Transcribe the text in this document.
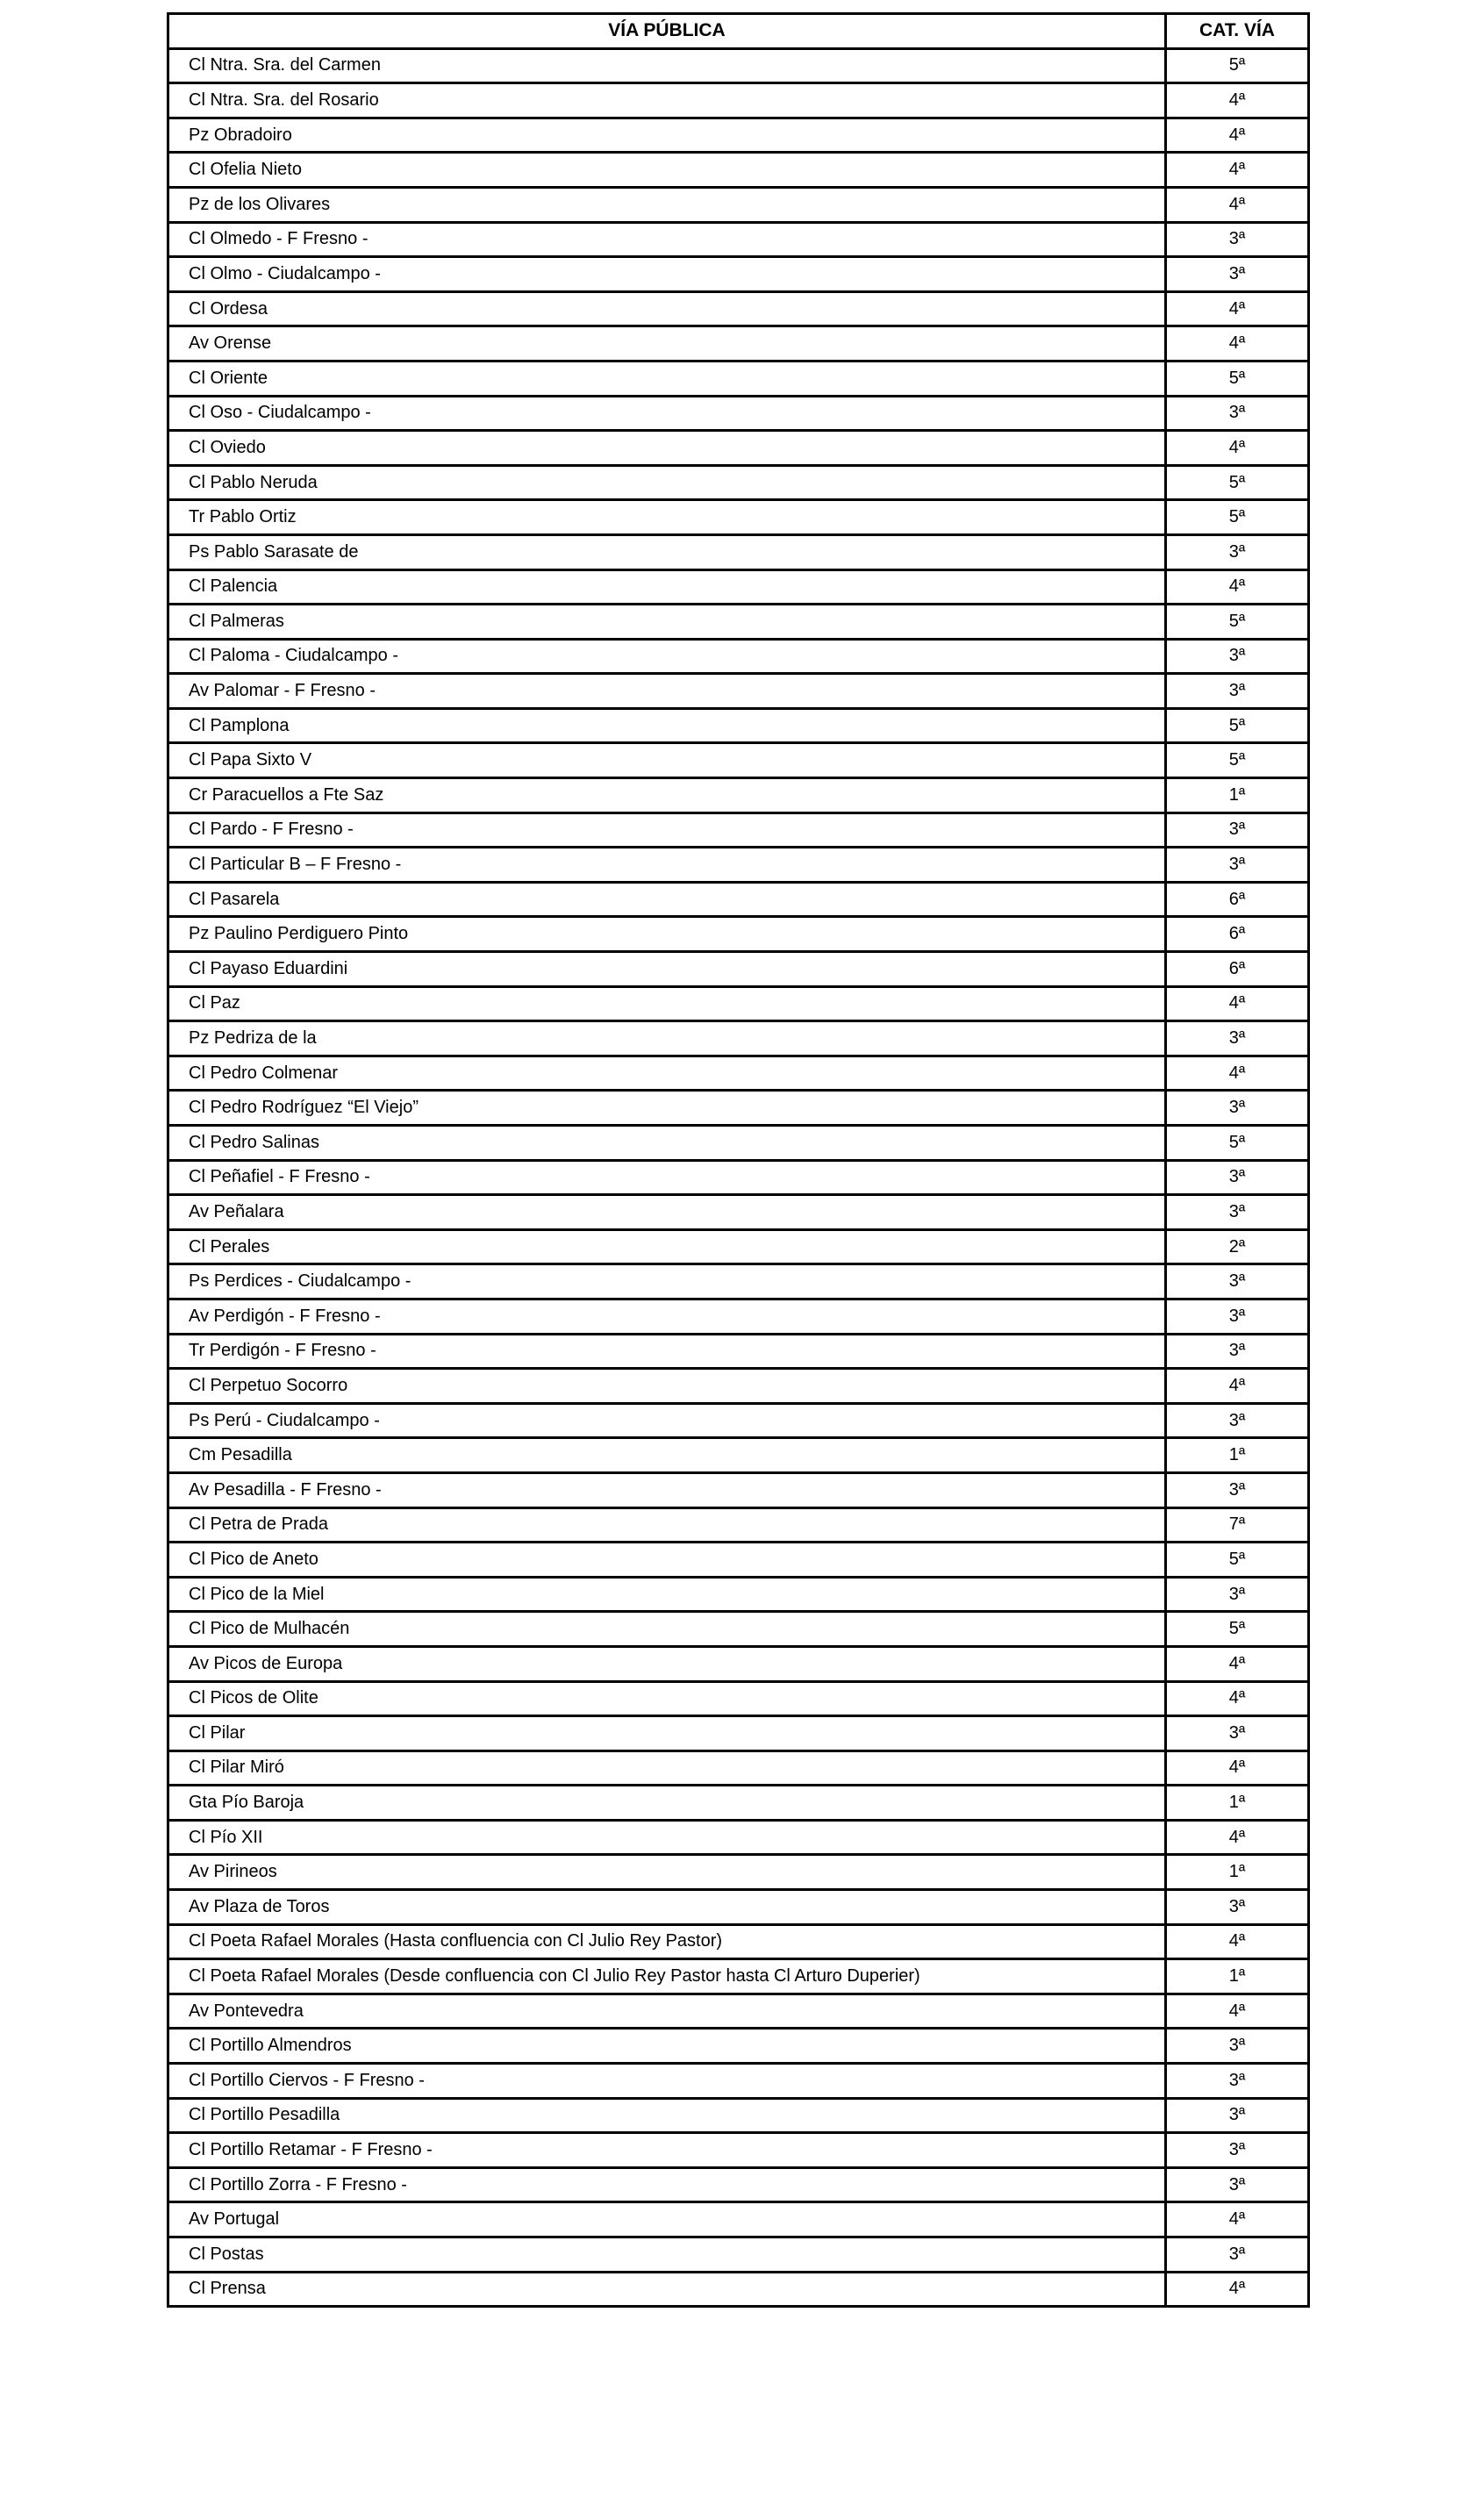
VÍA PÚBLICA	CAT. VÍA
Cl Ntra. Sra. del Carmen	5ª
Cl Ntra. Sra. del Rosario	4ª
Pz Obradoiro	4ª
Cl Ofelia Nieto	4ª
Pz de los Olivares	4ª
Cl Olmedo - F Fresno -	3ª
Cl Olmo - Ciudalcampo -	3ª
Cl Ordesa	4ª
Av Orense	4ª
Cl Oriente	5ª
Cl Oso - Ciudalcampo -	3ª
Cl Oviedo	4ª
Cl Pablo Neruda	5ª
Tr Pablo Ortiz	5ª
Ps Pablo Sarasate de	3ª
Cl Palencia	4ª
Cl Palmeras	5ª
Cl Paloma - Ciudalcampo -	3ª
Av Palomar - F Fresno -	3ª
Cl Pamplona	5ª
Cl Papa Sixto V	5ª
Cr Paracuellos a Fte Saz	1ª
Cl Pardo - F Fresno -	3ª
Cl Particular B – F Fresno -	3ª
Cl Pasarela	6ª
Pz Paulino Perdiguero Pinto	6ª
Cl Payaso Eduardini	6ª
Cl Paz	4ª
Pz Pedriza de la	3ª
Cl Pedro Colmenar	4ª
Cl Pedro Rodríguez “El Viejo”	3ª
Cl Pedro Salinas	5ª
Cl Peñafiel - F Fresno -	3ª
Av Peñalara	3ª
Cl Perales	2ª
Ps Perdices - Ciudalcampo -	3ª
Av Perdigón - F Fresno -	3ª
Tr Perdigón - F Fresno -	3ª
Cl Perpetuo Socorro	4ª
Ps Perú - Ciudalcampo -	3ª
Cm Pesadilla	1ª
Av Pesadilla - F Fresno -	3ª
Cl Petra de Prada	7ª
Cl Pico de Aneto	5ª
Cl Pico de la Miel	3ª
Cl Pico de Mulhacén	5ª
Av Picos de Europa	4ª
Cl Picos de Olite	4ª
Cl Pilar	3ª
Cl Pilar Miró	4ª
Gta Pío Baroja	1ª
Cl Pío XII	4ª
Av Pirineos	1ª
Av Plaza de Toros	3ª
Cl Poeta Rafael Morales (Hasta confluencia con Cl Julio Rey Pastor)	4ª
Cl Poeta Rafael Morales (Desde confluencia con Cl Julio Rey Pastor hasta Cl Arturo Duperier)	1ª
Av Pontevedra	4ª
Cl Portillo Almendros	3ª
Cl Portillo Ciervos - F Fresno -	3ª
Cl Portillo Pesadilla	3ª
Cl Portillo Retamar - F Fresno -	3ª
Cl Portillo Zorra - F Fresno -	3ª
Av Portugal	4ª
Cl Postas	3ª
Cl Prensa	4ª
